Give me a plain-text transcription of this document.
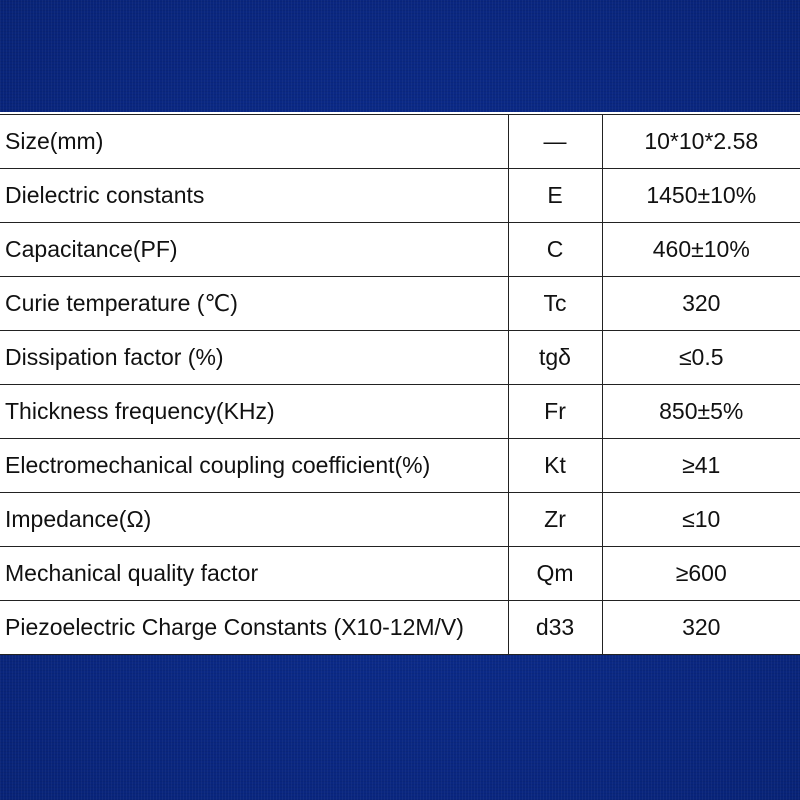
Size(mm)	—	10*10*2.58
Dielectric constants	E	1450±10%
Capacitance(PF)	C	460±10%
Curie temperature (℃)	Tc	320
Dissipation factor (%)	tgδ	≤0.5
Thickness frequency(KHz)	Fr	850±5%
Electromechanical coupling coefficient(%)	Kt	≥41
Impedance(Ω)	Zr	≤10
Mechanical quality factor	Qm	≥600
Piezoelectric Charge Constants (X10-12M/V)	d33	320
